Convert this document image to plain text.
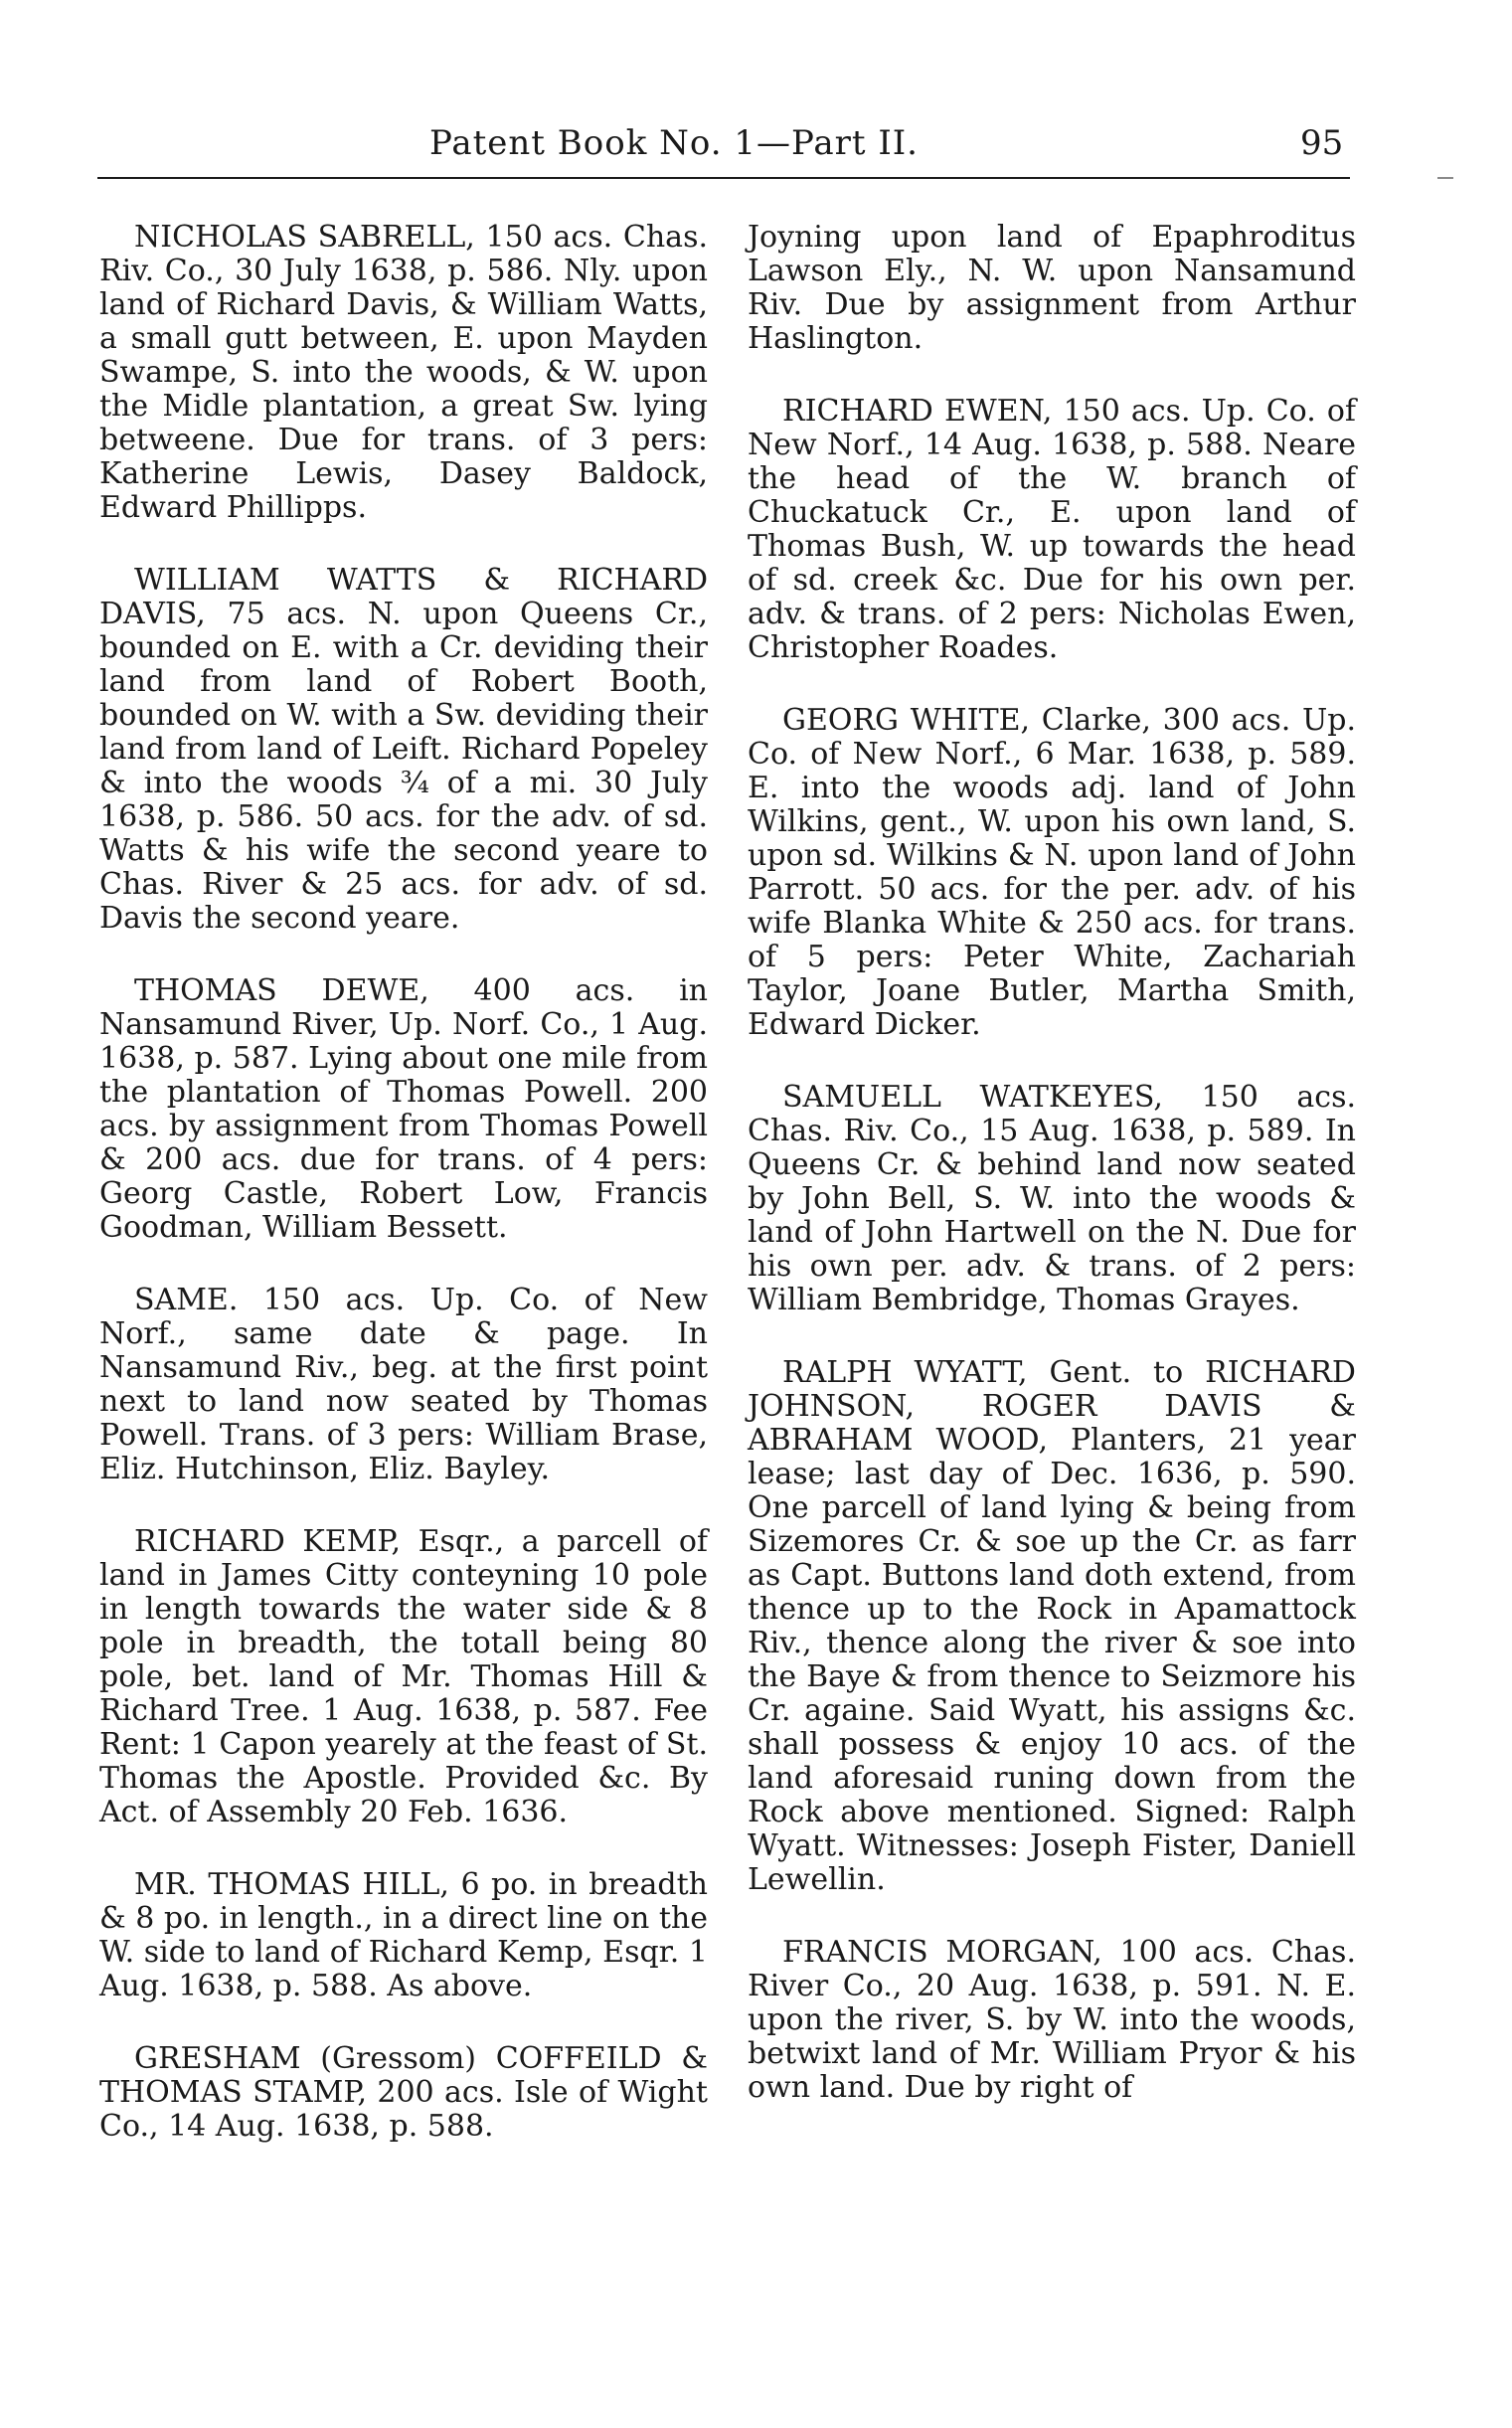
Patent Book No. 1—Part II.	95

NICHOLAS SABRELL, 150 acs. Chas. Riv. Co., 30 July 1638, p. 586. Nly. upon land of Richard Davis, & William Watts, a small gutt between, E. upon Mayden Swampe, S. into the woods, & W. upon the Midle plantation, a great Sw. lying betweene. Due for trans. of 3 pers: Katherine Lewis, Dasey Baldock, Edward Phillipps.

WILLIAM WATTS & RICHARD DAVIS, 75 acs. N. upon Queens Cr., bounded on E. with a Cr. deviding their land from land of Robert Booth, bounded on W. with a Sw. deviding their land from land of Leift. Richard Popeley & into the woods ¾ of a mi. 30 July 1638, p. 586. 50 acs. for the adv. of sd. Watts & his wife the second yeare to Chas. River & 25 acs. for adv. of sd. Davis the second yeare.

THOMAS DEWE, 400 acs. in Nansamund River, Up. Norf. Co., 1 Aug. 1638, p. 587. Lying about one mile from the plantation of Thomas Powell. 200 acs. by assignment from Thomas Powell & 200 acs. due for trans. of 4 pers: Georg Castle, Robert Low, Francis Goodman, William Bessett.

SAME. 150 acs. Up. Co. of New Norf., same date & page. In Nansamund Riv., beg. at the first point next to land now seated by Thomas Powell. Trans. of 3 pers: William Brase, Eliz. Hutchinson, Eliz. Bayley.

RICHARD KEMP, Esqr., a parcell of land in James Citty conteyning 10 pole in length towards the water side & 8 pole in breadth, the totall being 80 pole, bet. land of Mr. Thomas Hill & Richard Tree. 1 Aug. 1638, p. 587. Fee Rent: 1 Capon yearely at the feast of St. Thomas the Apostle. Provided &c. By Act. of Assembly 20 Feb. 1636.

MR. THOMAS HILL, 6 po. in breadth & 8 po. in length., in a direct line on the W. side to land of Richard Kemp, Esqr. 1 Aug. 1638, p. 588. As above.

GRESHAM (Gressom) COFFEILD & THOMAS STAMP, 200 acs. Isle of Wight Co., 14 Aug. 1638, p. 588.

Joyning upon land of Epaphroditus Lawson Ely., N. W. upon Nansamund Riv. Due by assignment from Arthur Haslington.

RICHARD EWEN, 150 acs. Up. Co. of New Norf., 14 Aug. 1638, p. 588. Neare the head of the W. branch of Chuckatuck Cr., E. upon land of Thomas Bush, W. up towards the head of sd. creek &c. Due for his own per. adv. & trans. of 2 pers: Nicholas Ewen, Christopher Roades.

GEORG WHITE, Clarke, 300 acs. Up. Co. of New Norf., 6 Mar. 1638, p. 589. E. into the woods adj. land of John Wilkins, gent., W. upon his own land, S. upon sd. Wilkins & N. upon land of John Parrott. 50 acs. for the per. adv. of his wife Blanka White & 250 acs. for trans. of 5 pers: Peter White, Zachariah Taylor, Joane Butler, Martha Smith, Edward Dicker.

SAMUELL WATKEYES, 150 acs. Chas. Riv. Co., 15 Aug. 1638, p. 589. In Queens Cr. & behind land now seated by John Bell, S. W. into the woods & land of John Hartwell on the N. Due for his own per. adv. & trans. of 2 pers: William Bembridge, Thomas Grayes.

RALPH WYATT, Gent. to RICHARD JOHNSON, ROGER DAVIS & ABRAHAM WOOD, Planters, 21 year lease; last day of Dec. 1636, p. 590. One parcell of land lying & being from Sizemores Cr. & soe up the Cr. as farr as Capt. Buttons land doth extend, from thence up to the Rock in Apamattock Riv., thence along the river & soe into the Baye & from thence to Seizmore his Cr. againe. Said Wyatt, his assigns &c. shall possess & enjoy 10 acs. of the land aforesaid runing down from the Rock above mentioned. Signed: Ralph Wyatt. Witnesses: Joseph Fister, Daniell Lewellin.

FRANCIS MORGAN, 100 acs. Chas. River Co., 20 Aug. 1638, p. 591. N. E. upon the river, S. by W. into the woods, betwixt land of Mr. William Pryor & his own land. Due by right of
